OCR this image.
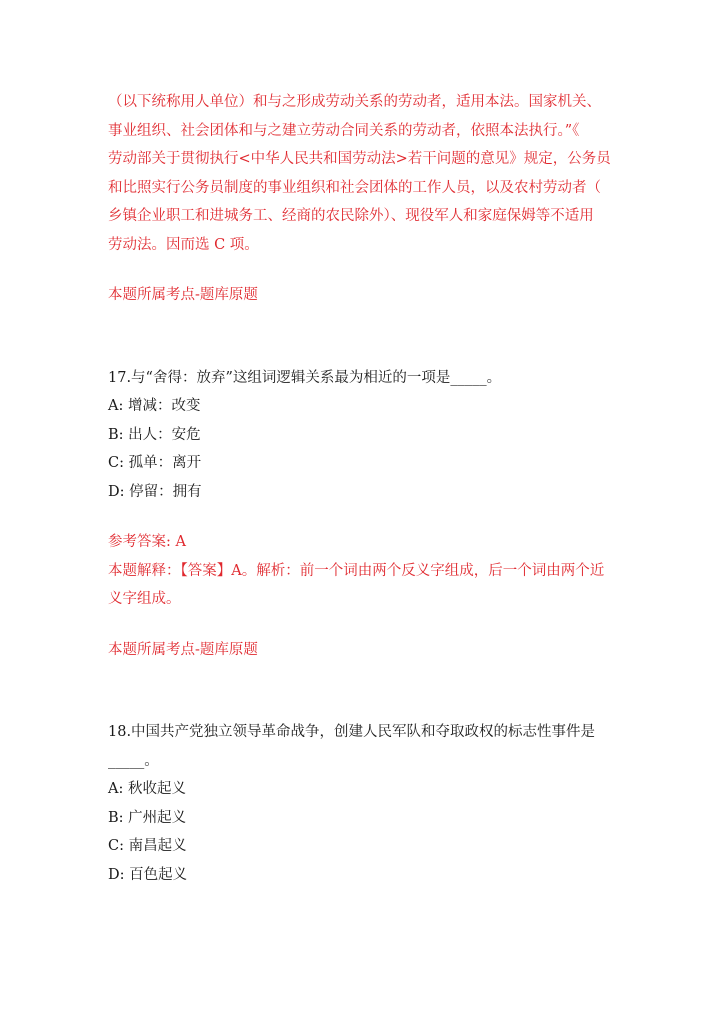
（以下统称用人单位）和与之形成劳动关系的劳动者，适用本法。国家机关、
事业组织、社会团体和与之建立劳动合同关系的劳动者，依照本法执行。”《
劳动部关于贯彻执行<中华人民共和国劳动法>若干问题的意见》规定，公务员
和比照实行公务员制度的事业组织和社会团体的工作人员，以及农村劳动者（
乡镇企业职工和进城务工、经商的农民除外）、现役军人和家庭保姆等不适用
劳动法。因而选 C 项。
本题所属考点-题库原题
17.与“舍得：放弃”这组词逻辑关系最为相近的一项是_____。
A: 增减：改变
B: 出人：安危
C: 孤单：离开
D: 停留：拥有
参考答案: A
本题解释：【答案】A。解析：前一个词由两个反义字组成，后一个词由两个近
义字组成。
本题所属考点-题库原题
18.中国共产党独立领导革命战争，创建人民军队和夺取政权的标志性事件是
_____。
A: 秋收起义
B: 广州起义
C: 南昌起义
D: 百色起义
